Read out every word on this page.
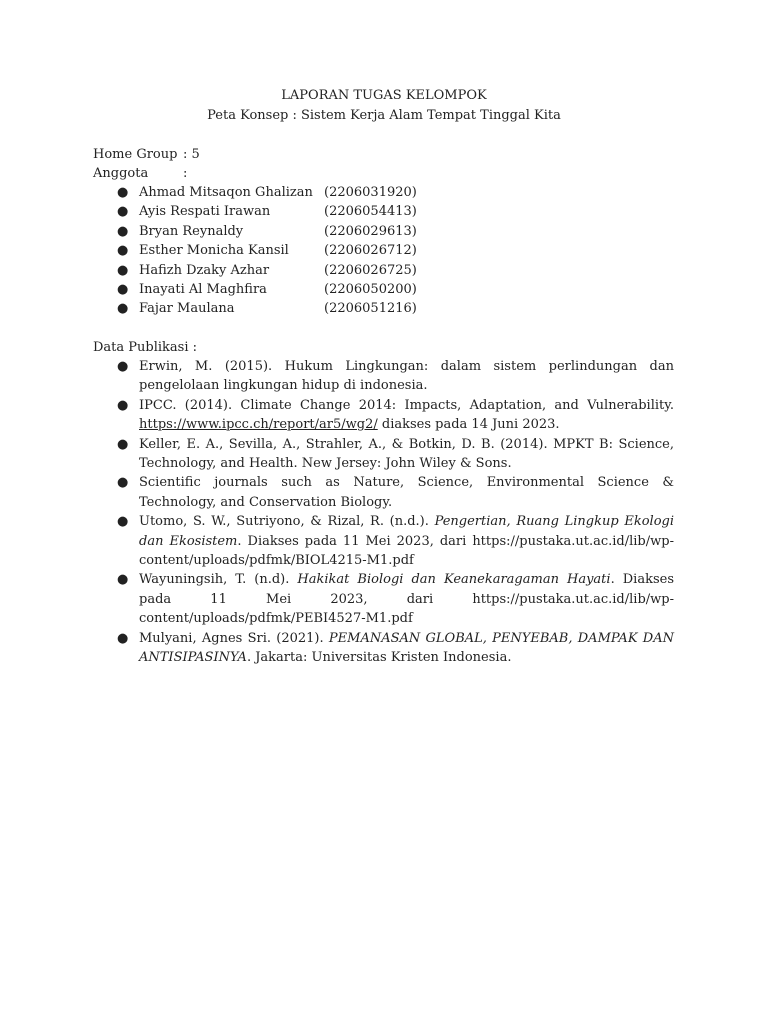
LAPORAN TUGAS KELOMPOK
Peta Konsep : Sistem Kerja Alam Tempat Tinggal Kita
Home Group : 5
Anggota	:
● Ahmad Mitsaqon Ghalizan (2206031920)
● Ayis Respati Irawan	(2206054413)
● Bryan Reynaldy	(2206029613)
● Esther Monicha Kansil	(2206026712)
● Hafizh Dzaky Azhar	(2206026725)
● Inayati Al Maghfira	(2206050200)
● Fajar Maulana	(2206051216)
Data Publikasi :
● Erwin, M. (2015). Hukum Lingkungan: dalam sistem perlindungan dan pengelolaan lingkungan hidup di indonesia.
● IPCC. (2014). Climate Change 2014: Impacts, Adaptation, and Vulnerability. https://www.ipcc.ch/report/ar5/wg2/ diakses pada 14 Juni 2023.
● Keller, E. A., Sevilla, A., Strahler, A., & Botkin, D. B. (2014). MPKT B: Science, Technology, and Health. New Jersey: John Wiley & Sons.
● Scientific journals such as Nature, Science, Environmental Science & Technology, and Conservation Biology.
● Utomo, S. W., Sutriyono, & Rizal, R. (n.d.). Pengertian, Ruang Lingkup Ekologi dan Ekosistem. Diakses pada 11 Mei 2023, dari https://pustaka.ut.ac.id/lib/wp-content/uploads/pdfmk/BIOL4215-M1.pdf
● Wayuningsih, T. (n.d). Hakikat Biologi dan Keanekaragaman Hayati. Diakses pada 11 Mei 2023, dari https://pustaka.ut.ac.id/lib/wp-content/uploads/pdfmk/PEBI4527-M1.pdf
● Mulyani, Agnes Sri. (2021). PEMANASAN GLOBAL, PENYEBAB, DAMPAK DAN ANTISIPASINYA. Jakarta: Universitas Kristen Indonesia.
